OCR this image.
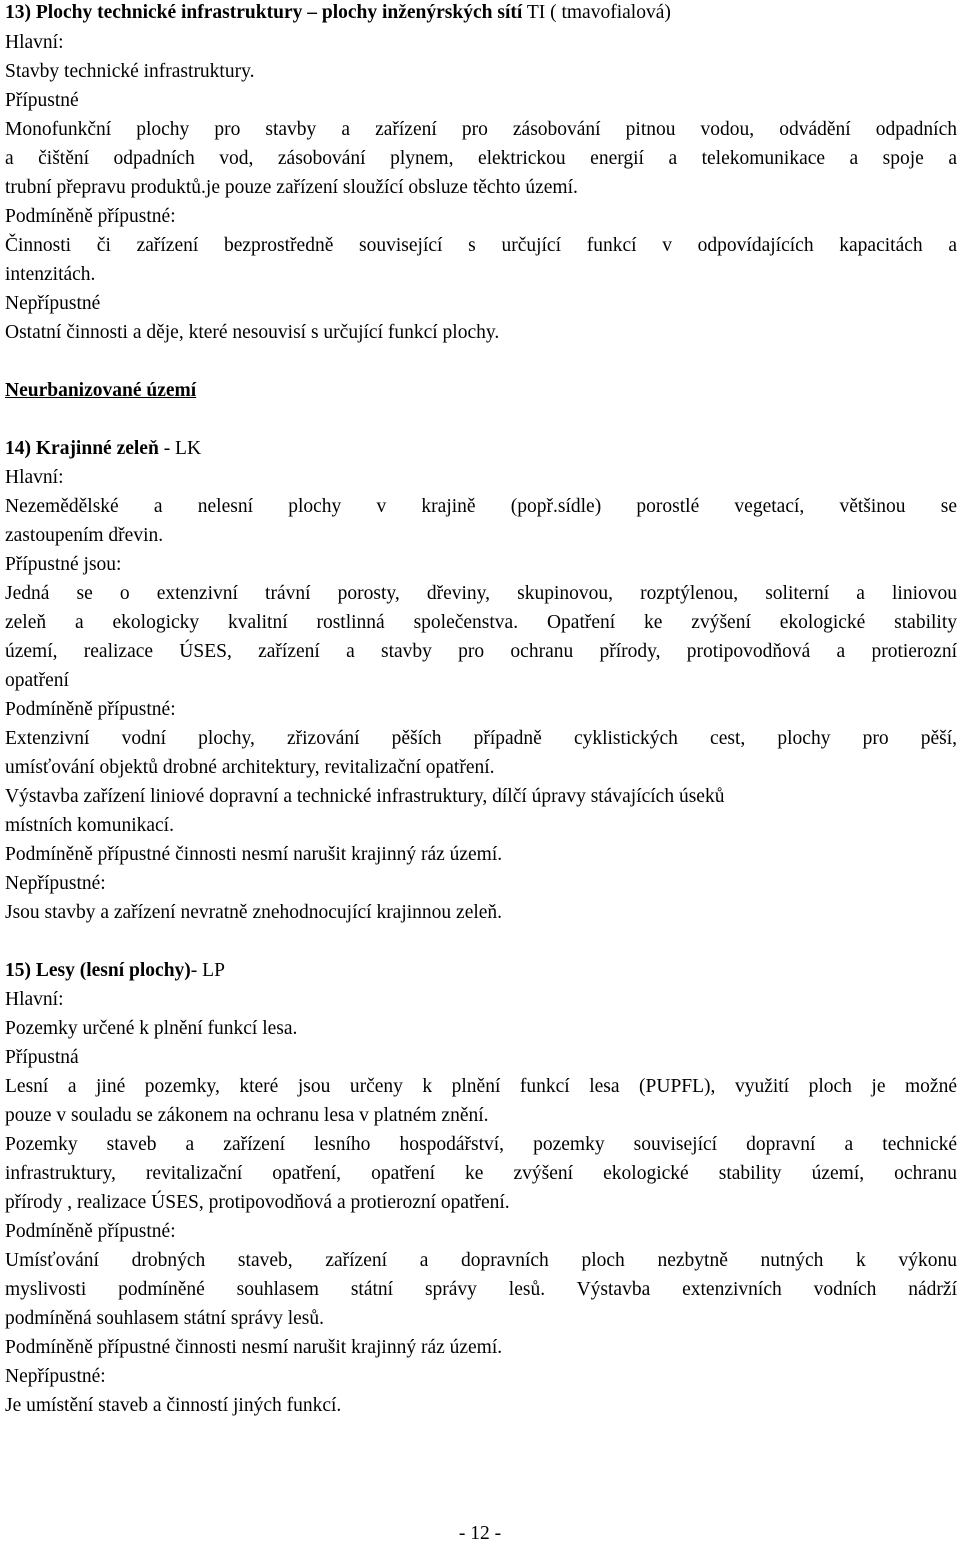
13) Plochy technické infrastruktury – plochy inženýrských sítí TI ( tmavofialová)
Hlavní:
Stavby technické infrastruktury.
Přípustné
Monofunkční plochy pro stavby a zařízení pro zásobování pitnou vodou, odvádění odpadních
a čištění odpadních vod, zásobování plynem, elektrickou energií a telekomunikace a spoje a
trubní přepravu produktů.je pouze zařízení sloužící obsluze těchto území.
Podmíněně přípustné:
Činnosti či zařízení bezprostředně související s určující funkcí v odpovídajících kapacitách a
intenzitách.
Nepřípustné
Ostatní činnosti a děje, které nesouvisí s určující funkcí plochy.
Neurbanizované území
14) Krajinné zeleň - LK
Hlavní:
Nezemědělské a nelesní plochy v krajině (popř.sídle) porostlé vegetací, většinou se
zastoupením dřevin.
Přípustné jsou:
Jedná se o extenzivní trávní porosty, dřeviny, skupinovou, rozptýlenou, soliterní a liniovou
zeleň a ekologicky kvalitní rostlinná společenstva. Opatření ke zvýšení ekologické stability
území, realizace ÚSES, zařízení a stavby pro ochranu přírody, protipovodňová a protierozní
opatření
Podmíněně přípustné:
Extenzivní vodní plochy, zřizování pěších případně cyklistických cest, plochy pro pěší,
umísťování objektů drobné architektury, revitalizační opatření.
Výstavba zařízení liniové dopravní a technické infrastruktury, dílčí úpravy stávajících úseků
místních komunikací.
Podmíněně přípustné činnosti nesmí narušit krajinný ráz území.
Nepřípustné:
Jsou stavby a zařízení nevratně znehodnocující krajinnou zeleň.
15) Lesy (lesní plochy)- LP
Hlavní:
Pozemky určené k plnění funkcí lesa.
Přípustná
Lesní a jiné pozemky, které jsou určeny k plnění funkcí lesa (PUPFL), využití ploch je možné
pouze v souladu se zákonem na ochranu lesa v platném znění.
Pozemky staveb a zařízení lesního hospodářství, pozemky související dopravní a technické
infrastruktury, revitalizační opatření, opatření ke zvýšení ekologické stability území, ochranu
přírody , realizace ÚSES, protipovodňová a protierozní opatření.
Podmíněně přípustné:
Umísťování drobných staveb, zařízení a dopravních ploch nezbytně nutných k výkonu
myslivosti podmíněné souhlasem státní správy lesů. Výstavba extenzivních vodních nádrží
podmíněná souhlasem státní správy lesů.
Podmíněně přípustné činnosti nesmí narušit krajinný ráz území.
Nepřípustné:
Je umístění staveb a činností jiných funkcí.
- 12 -
